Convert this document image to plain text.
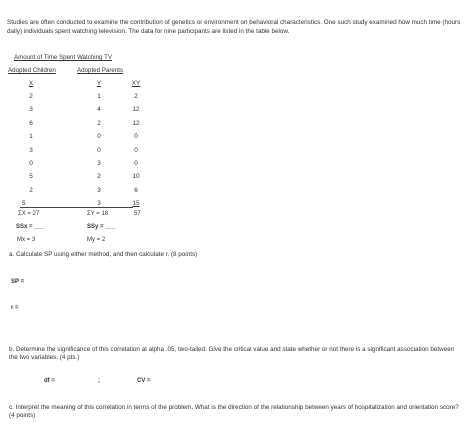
Studies are often conducted to examine the contribution of genetics or environment on behavioral characteristics. One such study examined how much time (hours daily) individuals spent watching television. The data for nine participants are listed in the table below.
Amount of Time Spent Watching TV
Adopted Children	Adopted Parents
X	Y	XY
2	1	2
3	4	12
6	2	12
1	0	0
3	0	0
0	3	0
5	2	10
2	3	6
5	3	15
ΣX = 27	ΣY = 18	57
SSx = ___	SSy = ___
Mx = 3	My = 2
a. Calculate SP using either method, and then calculate r. (8 points)
SP =
r =
b. Determine the significance of this correlation at alpha .05, two-tailed. Give the critical value and state whether or not there is a significant association between the two variables. (4 pts.)
df =	;	CV =
c. Interpret the meaning of this correlation in terms of the problem. What is the direction of the relationship between years of hospitalization and orientation score? (4 points)
